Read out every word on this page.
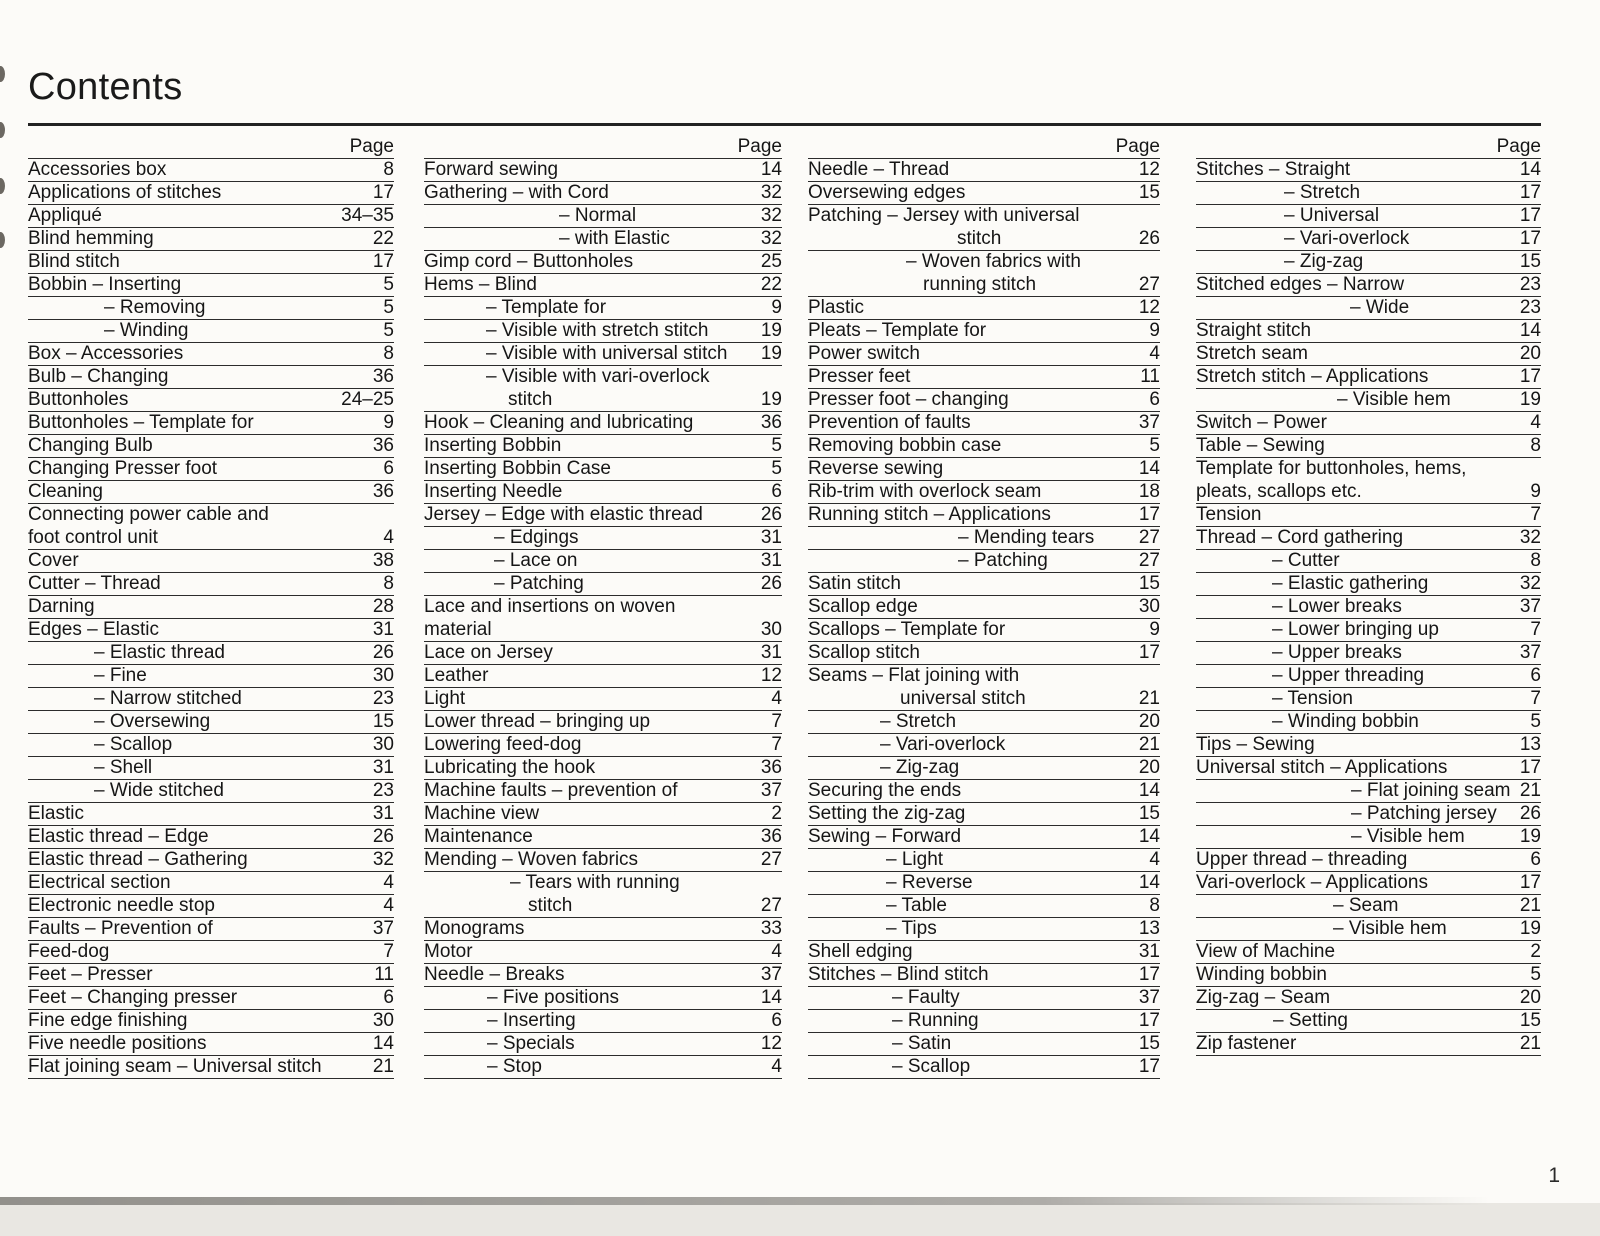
Contents
Page
Accessories box	8
Applications of stitches	17
Appliqué	34–35
Blind hemming	22
Blind stitch	17
Bobbin – Inserting	5
– Removing	5
– Winding	5
Box – Accessories	8
Bulb – Changing	36
Buttonholes	24–25
Buttonholes – Template for	9
Changing Bulb	36
Changing Presser foot	6
Cleaning	36
Connecting power cable and
foot control unit	4
Cover	38
Cutter – Thread	8
Darning	28
Edges – Elastic	31
– Elastic thread	26
– Fine	30
– Narrow stitched	23
– Oversewing	15
– Scallop	30
– Shell	31
– Wide stitched	23
Elastic	31
Elastic thread – Edge	26
Elastic thread – Gathering	32
Electrical section	4
Electronic needle stop	4
Faults – Prevention of	37
Feed-dog	7
Feet – Presser	11
Feet – Changing presser	6
Fine edge finishing	30
Five needle positions	14
Flat joining seam – Universal stitch	21
Page
Forward sewing	14
Gathering – with Cord	32
– Normal	32
– with Elastic	32
Gimp cord – Buttonholes	25
Hems – Blind	22
– Template for	9
– Visible with stretch stitch	19
– Visible with universal stitch	19
– Visible with vari-overlock
stitch	19
Hook – Cleaning and lubricating	36
Inserting Bobbin	5
Inserting Bobbin Case	5
Inserting Needle	6
Jersey – Edge with elastic thread	26
– Edgings	31
– Lace on	31
– Patching	26
Lace and insertions on woven
material	30
Lace on Jersey	31
Leather	12
Light	4
Lower thread – bringing up	7
Lowering feed-dog	7
Lubricating the hook	36
Machine faults – prevention of	37
Machine view	2
Maintenance	36
Mending – Woven fabrics	27
– Tears with running
stitch	27
Monograms	33
Motor	4
Needle – Breaks	37
– Five positions	14
– Inserting	6
– Specials	12
– Stop	4
Page
Needle – Thread	12
Oversewing edges	15
Patching – Jersey with universal
stitch	26
– Woven fabrics with
running stitch	27
Plastic	12
Pleats – Template for	9
Power switch	4
Presser feet	11
Presser foot – changing	6
Prevention of faults	37
Removing bobbin case	5
Reverse sewing	14
Rib-trim with overlock seam	18
Running stitch – Applications	17
– Mending tears	27
– Patching	27
Satin stitch	15
Scallop edge	30
Scallops – Template for	9
Scallop stitch	17
Seams – Flat joining with
universal stitch	21
– Stretch	20
– Vari-overlock	21
– Zig-zag	20
Securing the ends	14
Setting the zig-zag	15
Sewing – Forward	14
– Light	4
– Reverse	14
– Table	8
– Tips	13
Shell edging	31
Stitches – Blind stitch	17
– Faulty	37
– Running	17
– Satin	15
– Scallop	17
Page
Stitches – Straight	14
– Stretch	17
– Universal	17
– Vari-overlock	17
– Zig-zag	15
Stitched edges – Narrow	23
– Wide	23
Straight stitch	14
Stretch seam	20
Stretch stitch – Applications	17
– Visible hem	19
Switch – Power	4
Table – Sewing	8
Template for buttonholes, hems,
pleats, scallops etc.	9
Tension	7
Thread – Cord gathering	32
– Cutter	8
– Elastic gathering	32
– Lower breaks	37
– Lower bringing up	7
– Upper breaks	37
– Upper threading	6
– Tension	7
– Winding bobbin	5
Tips – Sewing	13
Universal stitch – Applications	17
– Flat joining seam 21
– Patching jersey	26
– Visible hem	19
Upper thread – threading	6
Vari-overlock – Applications	17
– Seam	21
– Visible hem	19
View of Machine	2
Winding bobbin	5
Zig-zag – Seam	20
– Setting	15
Zip fastener	21
1
